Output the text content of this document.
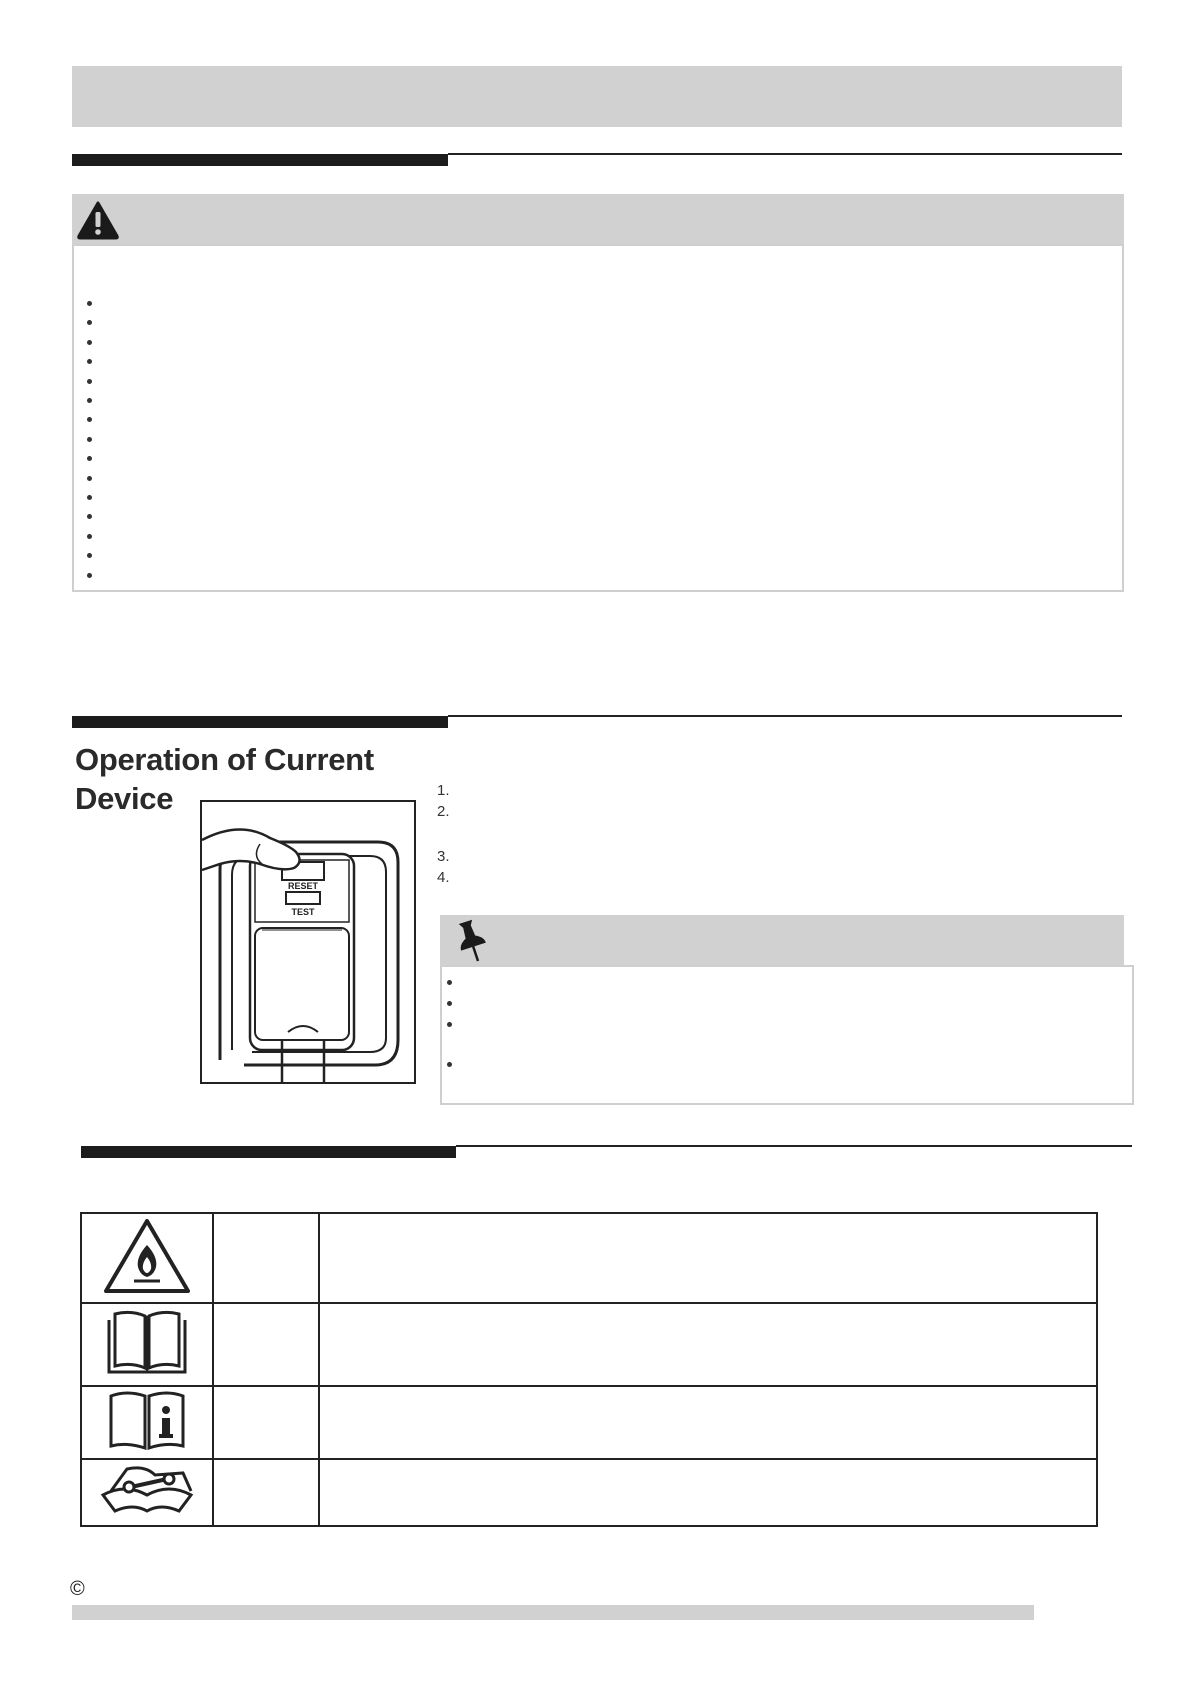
Operation of Current
Device
RESET
TEST
1.
2.
3.
4.

©
